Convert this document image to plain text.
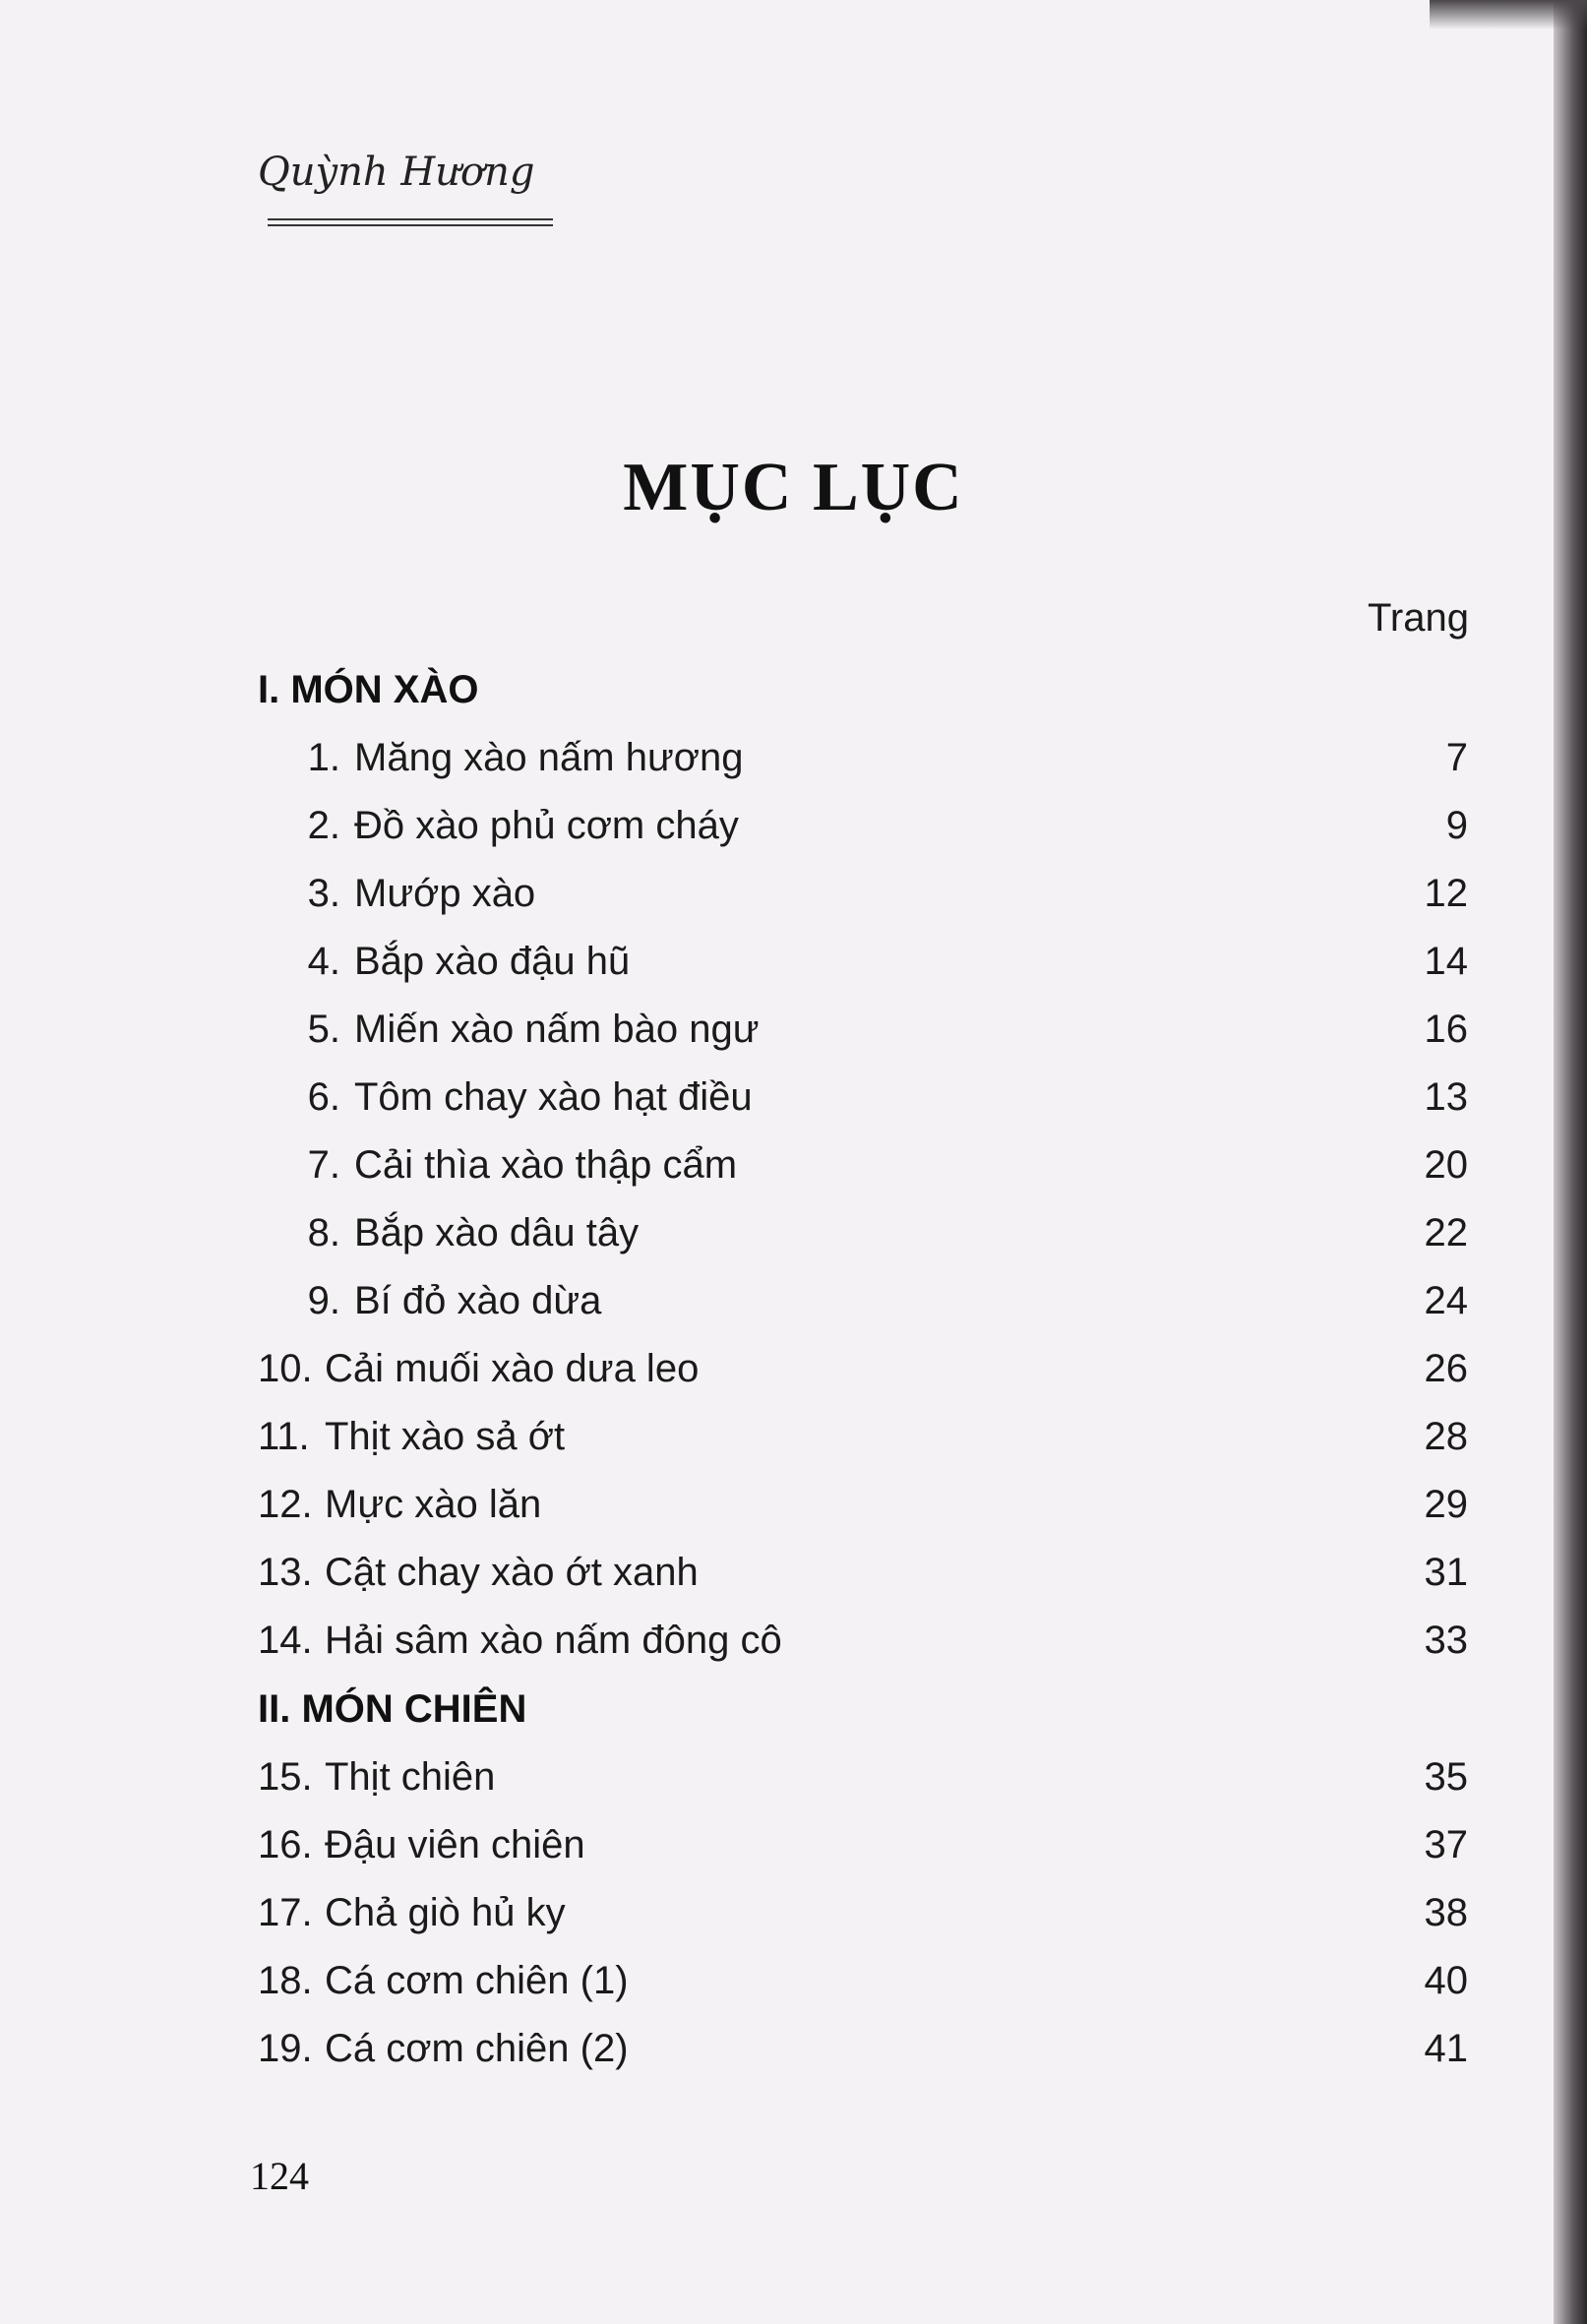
Quỳnh Hương
MỤC LỤC
Trang
I. MÓN XÀO
1. Măng xào nấm hương	7
2. Đồ xào phủ cơm cháy	9
3. Mướp xào	12
4. Bắp xào đậu hũ	14
5. Miến xào nấm bào ngư	16
6. Tôm chay xào hạt điều	13
7. Cải thìa xào thập cẩm	20
8. Bắp xào dâu tây	22
9. Bí đỏ xào dừa	24
10. Cải muối xào dưa leo	26
11. Thịt xào sả ớt	28
12. Mực xào lăn	29
13. Cật chay xào ớt xanh	31
14. Hải sâm xào nấm đông cô	33
II. MÓN CHIÊN
15. Thịt chiên	35
16. Đậu viên chiên	37
17. Chả giò hủ ky	38
18. Cá cơm chiên (1)	40
19. Cá cơm chiên (2)	41
124
